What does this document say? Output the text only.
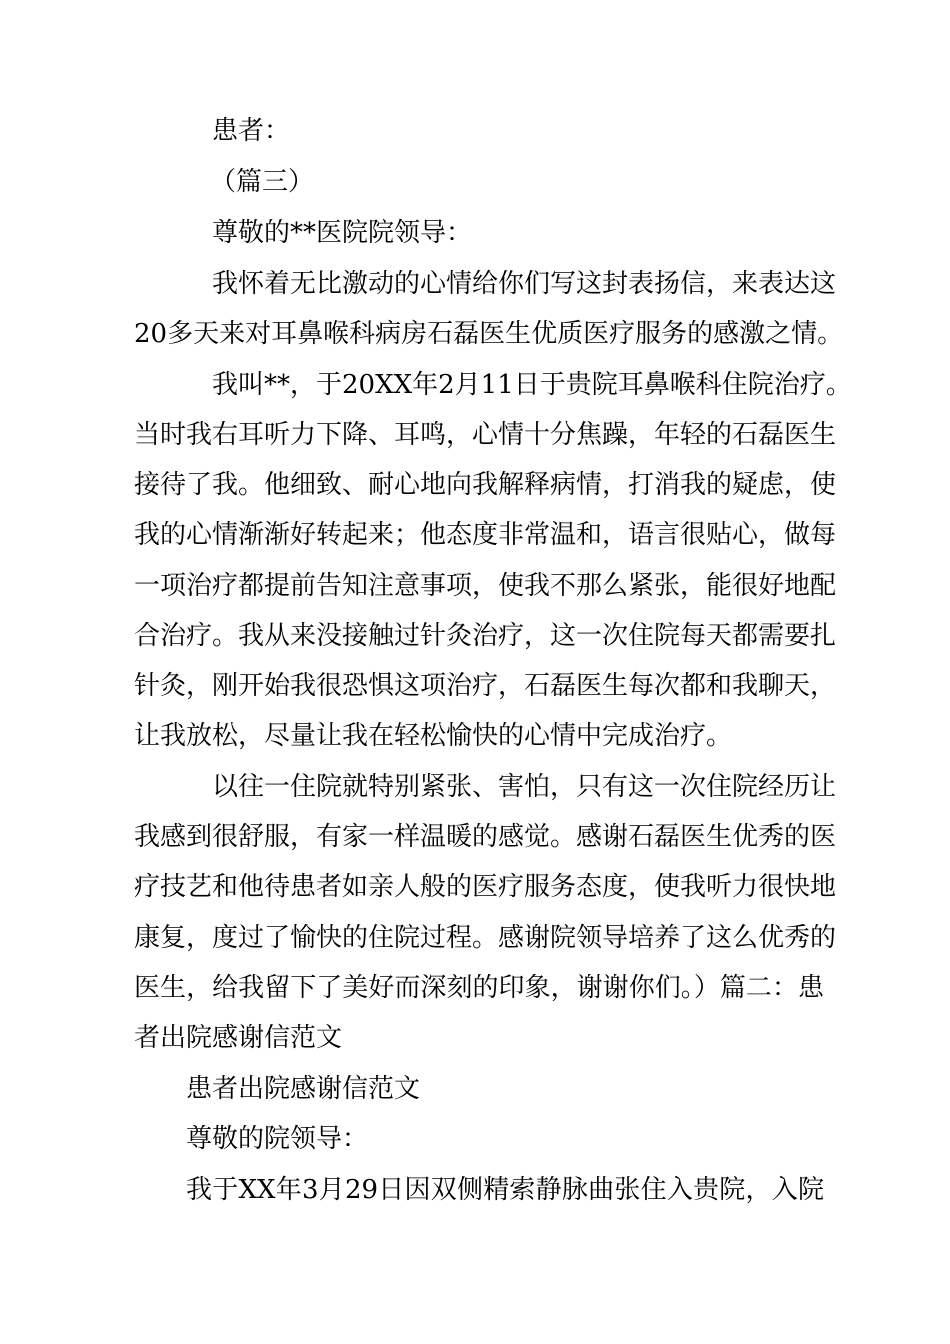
患者：
（篇三）
尊敬的**医院院领导：
我怀着无比激动的心情给你们写这封表扬信，来表达这
20多天来对耳鼻喉科病房石磊医生优质医疗服务的感激之情。
我叫**，于20XX年2月11日于贵院耳鼻喉科住院治疗。
当时我右耳听力下降、耳鸣，心情十分焦躁，年轻的石磊医生
接待了我。他细致、耐心地向我解释病情，打消我的疑虑，使
我的心情渐渐好转起来；他态度非常温和，语言很贴心，做每
一项治疗都提前告知注意事项，使我不那么紧张，能很好地配
合治疗。我从来没接触过针灸治疗，这一次住院每天都需要扎
针灸，刚开始我很恐惧这项治疗，石磊医生每次都和我聊天，
让我放松，尽量让我在轻松愉快的心情中完成治疗。
以往一住院就特别紧张、害怕，只有这一次住院经历让
我感到很舒服，有家一样温暖的感觉。感谢石磊医生优秀的医
疗技艺和他待患者如亲人般的医疗服务态度，使我听力很快地
康复，度过了愉快的住院过程。感谢院领导培养了这么优秀的
医生，给我留下了美好而深刻的印象，谢谢你们。）篇二：患
者出院感谢信范文
患者出院感谢信范文
尊敬的院领导：
我于XX年3月29日因双侧精索静脉曲张住入贵院，入院
